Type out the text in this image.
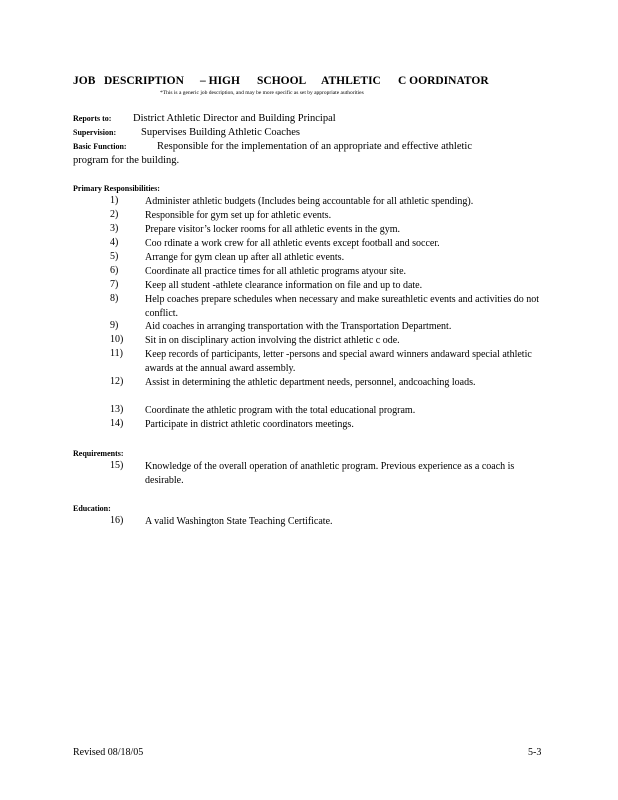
JOB DESCRIPTION – HIGH SCHOOL ATHLETIC C OORDINATOR
*This is a generic job description, and may be more specific as set by appropriate authorities
Reports to: District Athletic Director and Building Principal
Supervision: Supervises Building Athletic Coaches
Basic Function:	Responsible for the implementation of an appropriate and effective athletic
program for the building.
Primary Responsibilities:
1)	Administer athletic budgets (Includes being accountable for all athletic spending).
2)	Responsible for gym set up for athletic events.
3)	Prepare visitor’s locker rooms for all athletic events in the gym.
4)	Coo rdinate a work crew for all athletic events except football and soccer.
5)	Arrange for gym clean up after all athletic events.
6)	Coordinate all practice times for all athletic programs atyour site.
7)	Keep all student -athlete clearance information on file and up to date.
8)	Help coaches prepare schedules when necessary and make sureathletic events and activities do not conflict.
9)	Aid coaches in arranging transportation with the Transportation Department.
10) Sit in on disciplinary action involving the district athletic c ode.
11) Keep records of participants, letter -persons and special award winners andaward special athletic awards at the annual award assembly.
12) Assist in determining the athletic department needs, personnel, andcoaching loads.
13) Coordinate the athletic program with the total educational program.
14) Participate in district athletic coordinators meetings.
Requirements:
15) Knowledge of the overall operation of anathletic program. Previous experience as a coach is desirable.
Education:
16) A valid Washington State Teaching Certificate.
Revised 08/18/05	5-3
